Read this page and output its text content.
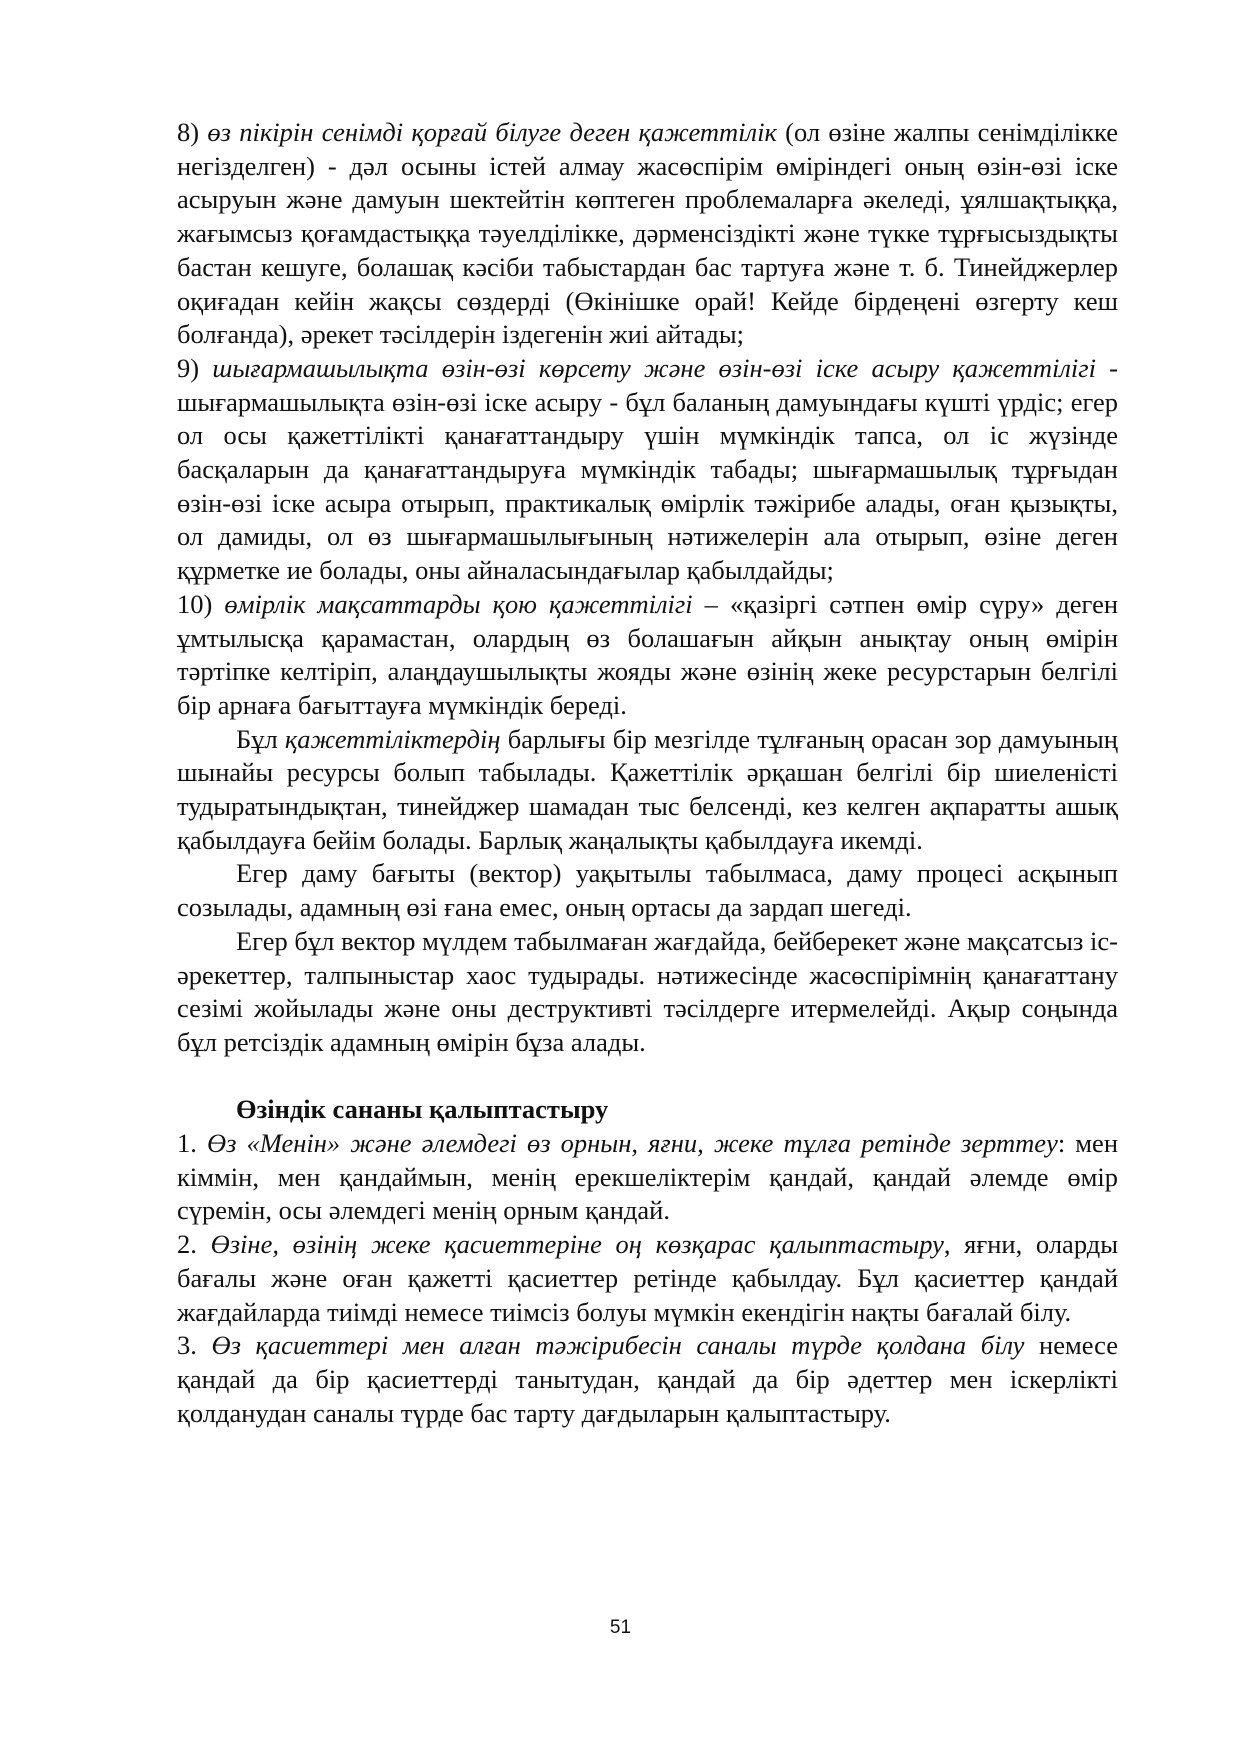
8) өз пікірін сенімді қорғай білуге деген қажеттілік (ол өзіне жалпы сенімділікке негізделген) - дәл осыны істей алмау жасөспірім өміріндегі оның өзін-өзі іске асыруын және дамуын шектейтін көптеген проблемаларға әкеледі, ұялшақтыққа, жағымсыз қоғамдастыққа тәуелділікке, дәрменсіздікті және түкке тұрғысыздықты бастан кешуге, болашақ кәсіби табыстардан бас тартуға және т. б. Тинейджерлер оқиғадан кейін жақсы сөздерді (Өкінішке орай! Кейде бірдеңені өзгерту кеш болғанда), әрекет тәсілдерін іздегенін жиі айтады;

9) шығармашылықта өзін-өзі көрсету және өзін-өзі іске асыру қажеттілігі - шығармашылықта өзін-өзі іске асыру - бұл баланың дамуындағы күшті үрдіс; егер ол осы қажеттілікті қанағаттандыру үшін мүмкіндік тапса, ол іс жүзінде басқаларын да қанағаттандыруға мүмкіндік табады; шығармашылық тұрғыдан өзін-өзі іске асыра отырып, практикалық өмірлік тәжірибе алады, оған қызықты, ол дамиды, ол өз шығармашылығының нәтижелерін ала отырып, өзіне деген құрметке ие болады, оны айналасындағылар қабылдайды;

10) өмірлік мақсаттарды қою қажеттілігі – «қазіргі сәтпен өмір сүру» деген ұмтылысқа қарамастан, олардың өз болашағын айқын анықтау оның өмірін тәртіпке келтіріп, алаңдаушылықты жояды және өзінің жеке ресурстарын белгілі бір арнаға бағыттауға мүмкіндік береді.

Бұл қажеттіліктердің барлығы бір мезгілде тұлғаның орасан зор дамуының шынайы ресурсы болып табылады. Қажеттілік әрқашан белгілі бір шиеленісті тудыратындықтан, тинейджер шамадан тыс белсенді, кез келген ақпаратты ашық қабылдауға бейім болады. Барлық жаңалықты қабылдауға икемді.

Егер даму бағыты (вектор) уақытылы табылмаса, даму процесі асқынып созылады, адамның өзі ғана емес, оның ортасы да зардап шегеді.

Егер бұл вектор мүлдем табылмаған жағдайда, бейберекет және мақсатсыз іс-әрекеттер, талпыныстар хаос тудырады. нәтижесінде жасөспірімнің қанағаттану сезімі жойылады және оны деструктивті тәсілдерге итермелейді. Ақыр соңында бұл ретсіздік адамның өмірін бұза алады.

Өзіндік сананы қалыптастыру

1. Өз «Менін» және әлемдегі өз орнын, яғни, жеке тұлға ретінде зерттеу: мен кіммін, мен қандаймын, менің ерекшеліктерім қандай, қандай әлемде өмір сүремін, осы әлемдегі менің орным қандай.

2. Өзіне, өзінің жеке қасиеттеріне оң көзқарас қалыптастыру, яғни, оларды бағалы және оған қажетті қасиеттер ретінде қабылдау. Бұл қасиеттер қандай жағдайларда тиімді немесе тиімсіз болуы мүмкін екендігін нақты бағалай білу.

3. Өз қасиеттері мен алған тәжірибесін саналы түрде қолдана білу немесе қандай да бір қасиеттерді танытудан, қандай да бір әдеттер мен іскерлікті қолданудан саналы түрде бас тарту дағдыларын қалыптастыру.

51
